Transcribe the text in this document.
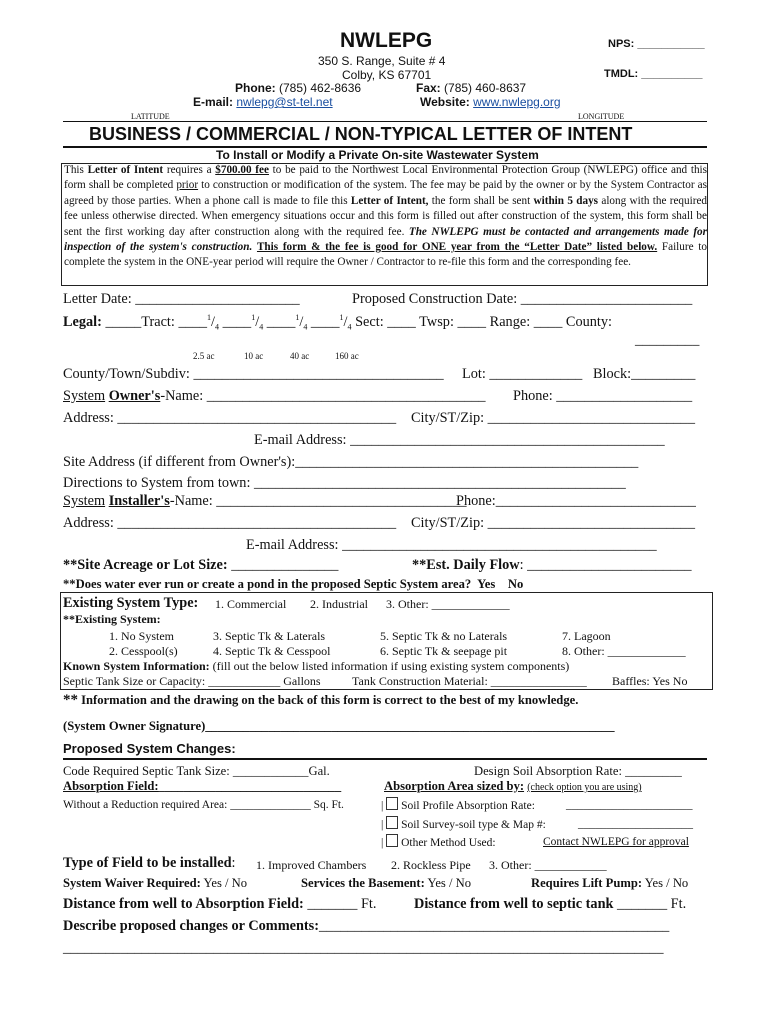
NWLEPG	NPS: ___________
350 S. Range, Suite # 4
Colby, KS 67701	TMDL: __________
Phone: (785) 462-8636	Fax: (785) 460-8637
E-mail: nwlepg@st-tel.net	Website: www.nwlepg.org
LATITUDE	LONGITUDE
BUSINESS / COMMERCIAL / NON-TYPICAL LETTER OF INTENT
To Install or Modify a Private On-site Wastewater System
This Letter of Intent requires a $700.00 fee to be paid to the Northwest Local Environmental Protection Group (NWLEPG) office and this form shall be completed prior to construction or modification of the system. The fee may be paid by the owner or by the System Contractor as agreed by those parties. When a phone call is made to file this Letter of Intent, the form shall be sent within 5 days along with the required fee unless otherwise directed. When emergency situations occur and this form is filled out after construction of the system, this form shall be sent the first working day after construction along with the required fee. The NWLEPG must be contacted and arrangements made for inspection of the system's construction. This form & the fee is good for ONE year from the “Letter Date” listed below. Failure to complete the system in the ONE-year period will require the Owner / Contractor to re-file this form and the corresponding fee.
Letter Date: _______________________	Proposed Construction Date: ________________________
Legal: _____Tract: $\_\_\_\_^1/_4$ $\_\_\_\_^1/_4$ $\_\_\_\_^1/_4$ $\_\_\_\_^1/_4$ Sect: ____ Twsp: ____ Range: ____ County:
_________
2.5 ac	10 ac	40 ac	160 ac
County/Town/Subdiv: ___________________________________ Lot: _____________ Block:_________
System Owner's-Name: _______________________________________ Phone: ___________________
Address: _______________________________________ City/ST/Zip: _____________________________
E-mail Address: ____________________________________________
Site Address (if different from Owner's):________________________________________________
Directions to System from town: ____________________________________________________
System Installer's-Name: ___________________________________
Phone:____________________________
Address: _______________________________________ City/ST/Zip: _____________________________
E-mail Address: ____________________________________________
**Site Acreage or Lot Size: _______________	**Est. Daily Flow: _______________________
**Does water ever run or create a pond in the proposed Septic System area? Yes No
Existing System Type: 1. Commercial 2. Industrial 3. Other: _____________
**Existing System:
1. No System
2. Cesspool(s)
3. Septic Tk & Laterals
4. Septic Tk & Cesspool
5. Septic Tk & no Laterals
6. Septic Tk & seepage pit
7. Lagoon
8. Other: _____________
Known System Information: (fill out the below listed information if using existing system components)
Septic Tank Size or Capacity: ____________ Gallons	Tank Construction Material: ________________ Baffles: Yes No
** Information and the drawing on the back of this form is correct to the best of my knowledge.
(System Owner Signature)_________________________________________________________________
Proposed System Changes:
Code Required Septic Tank Size: ____________Gal.	Design Soil Absorption Rate: _________
Absorption Field:_____________________________	Absorption Area sized by: (check option you are using)
Without a Reduction required Area: ______________ Sq. Ft.	|  Soil Profile Absorption Rate:	______________________
|  Soil Survey-soil type & Map #:	____________________
|  Other Method Used:	Contact NWLEPG for approval
Type of Field to be installed: 1. Improved Chambers 2. Rockless Pipe 3. Other: ____________
System Waiver Required: Yes / No	Services the Basement: Yes / No	Requires Lift Pump: Yes / No
Distance from well to Absorption Field: _______ Ft.	Distance from well to septic tank _______ Ft.
Describe proposed changes or Comments:_________________________________________________
____________________________________________________________________________________
